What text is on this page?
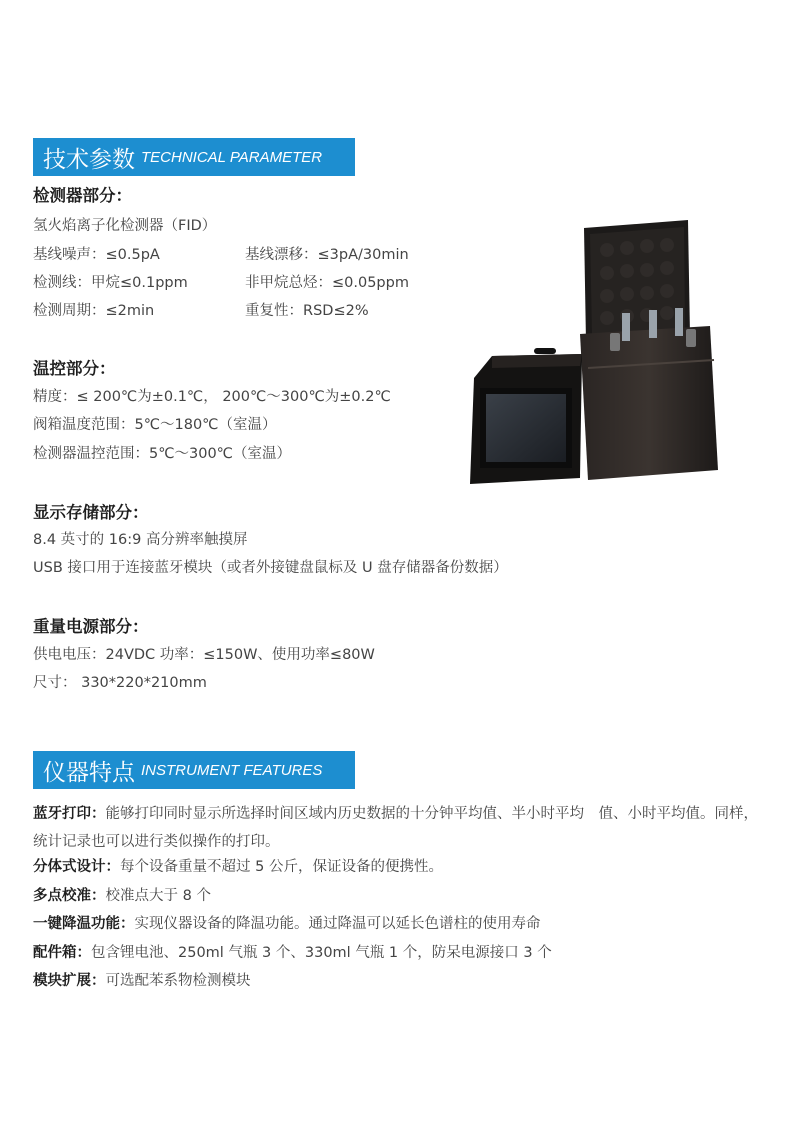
技术参数 TECHNICAL PARAMETER
检测器部分：
氢火焰离子化检测器（FID）
基线噪声：≤0.5pA	基线漂移：≤3pA/30min
检测线：甲烷≤0.1ppm	非甲烷总烃：≤0.05ppm
检测周期：≤2min	重复性：RSD≤2%
温控部分：
精度：≤ 200℃为±0.1℃， 200℃～300℃为±0.2℃
阀箱温度范围：5℃～180℃（室温）
检测器温控范围：5℃～300℃（室温）
显示存储部分：
8.4 英寸的 16:9 高分辨率触摸屏
USB 接口用于连接蓝牙模块（或者外接键盘鼠标及 U 盘存储器备份数据）
重量电源部分：
供电电压：24VDC 功率：≤150W、使用功率≤80W
尺寸： 330*220*210mm
仪器特点 INSTRUMENT FEATURES
蓝牙打印：能够打印同时显示所选择时间区域内历史数据的十分钟平均值、半小时平均　值、小时平均值。同样，统计记录也可以进行类似操作的打印。
分体式设计：每个设备重量不超过 5 公斤，保证设备的便携性。
多点校准：校准点大于 8 个
一键降温功能：实现仪器设备的降温功能。通过降温可以延长色谱柱的使用寿命
配件箱：包含锂电池、250ml 气瓶 3 个、330ml 气瓶 1 个，防呆电源接口 3 个
模块扩展：可选配苯系物检测模块
